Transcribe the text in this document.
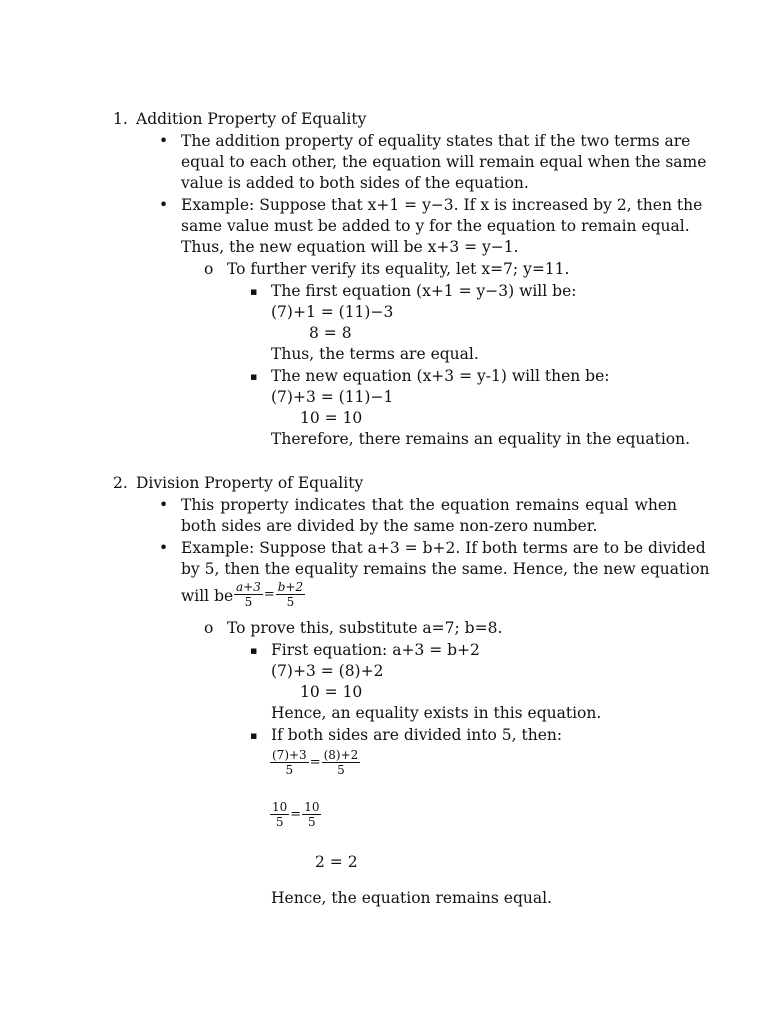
1. Addition Property of Equality
• The addition property of equality states that if the two terms are
equal to each other, the equation will remain equal when the same
value is added to both sides of the equation.
• Example: Suppose that x+1 = y−3. If x is increased by 2, then the
same value must be added to y for the equation to remain equal.
Thus, the new equation will be x+3 = y−1.
o To further verify its equality, let x=7; y=11.
▪ The first equation (x+1 = y−3) will be:
(7)+1 = (11)−3
8 = 8
Thus, the terms are equal.
▪ The new equation (x+3 = y-1) will then be:
(7)+3 = (11)−1
10 = 10
Therefore, there remains an equality in the equation.
2. Division Property of Equality
• This property indicates that the equation remains equal when
both sides are divided by the same non-zero number.
• Example: Suppose that a+3 = b+2. If both terms are to be divided
by 5, then the equality remains the same. Hence, the new equation
will be $\frac{a+3}{5} = \frac{b+2}{5}$
o To prove this, substitute a=7; b=8.
▪ First equation: a+3 = b+2
(7)+3 = (8)+2
10 = 10
Hence, an equality exists in this equation.
▪ If both sides are divided into 5, then:
$\frac{(7)+3}{5} = \frac{(8)+2}{5}$
$\frac{10}{5} = \frac{10}{5}$
2 = 2
Hence, the equation remains equal.
